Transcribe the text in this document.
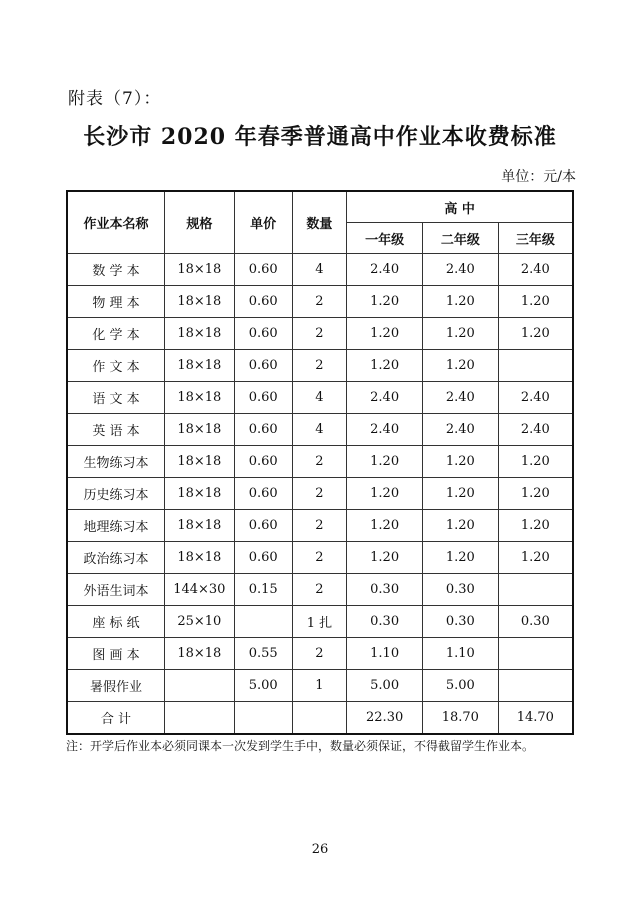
附表（7）：
长沙市 2020 年春季普通高中作业本收费标准
单位：元/本
作业本名称	规格	单价	数量	高 中		
				一年级	二年级	三年级
数 学 本	18×18	0.60	4	2.40	2.40	2.40
物 理 本	18×18	0.60	2	1.20	1.20	1.20
化 学 本	18×18	0.60	2	1.20	1.20	1.20
作 文 本	18×18	0.60	2	1.20	1.20	
语 文 本	18×18	0.60	4	2.40	2.40	2.40
英 语 本	18×18	0.60	4	2.40	2.40	2.40
生物练习本	18×18	0.60	2	1.20	1.20	1.20
历史练习本	18×18	0.60	2	1.20	1.20	1.20
地理练习本	18×18	0.60	2	1.20	1.20	1.20
政治练习本	18×18	0.60	2	1.20	1.20	1.20
外语生词本	144×30	0.15	2	0.30	0.30	
座 标 纸	25×10		1 扎	0.30	0.30	0.30
图 画 本	18×18	0.55	2	1.10	1.10	
暑假作业		5.00	1	5.00	5.00	
合 计				22.30	18.70	14.70
注：开学后作业本必须同课本一次发到学生手中，数量必须保证，不得截留学生作业本。
26
